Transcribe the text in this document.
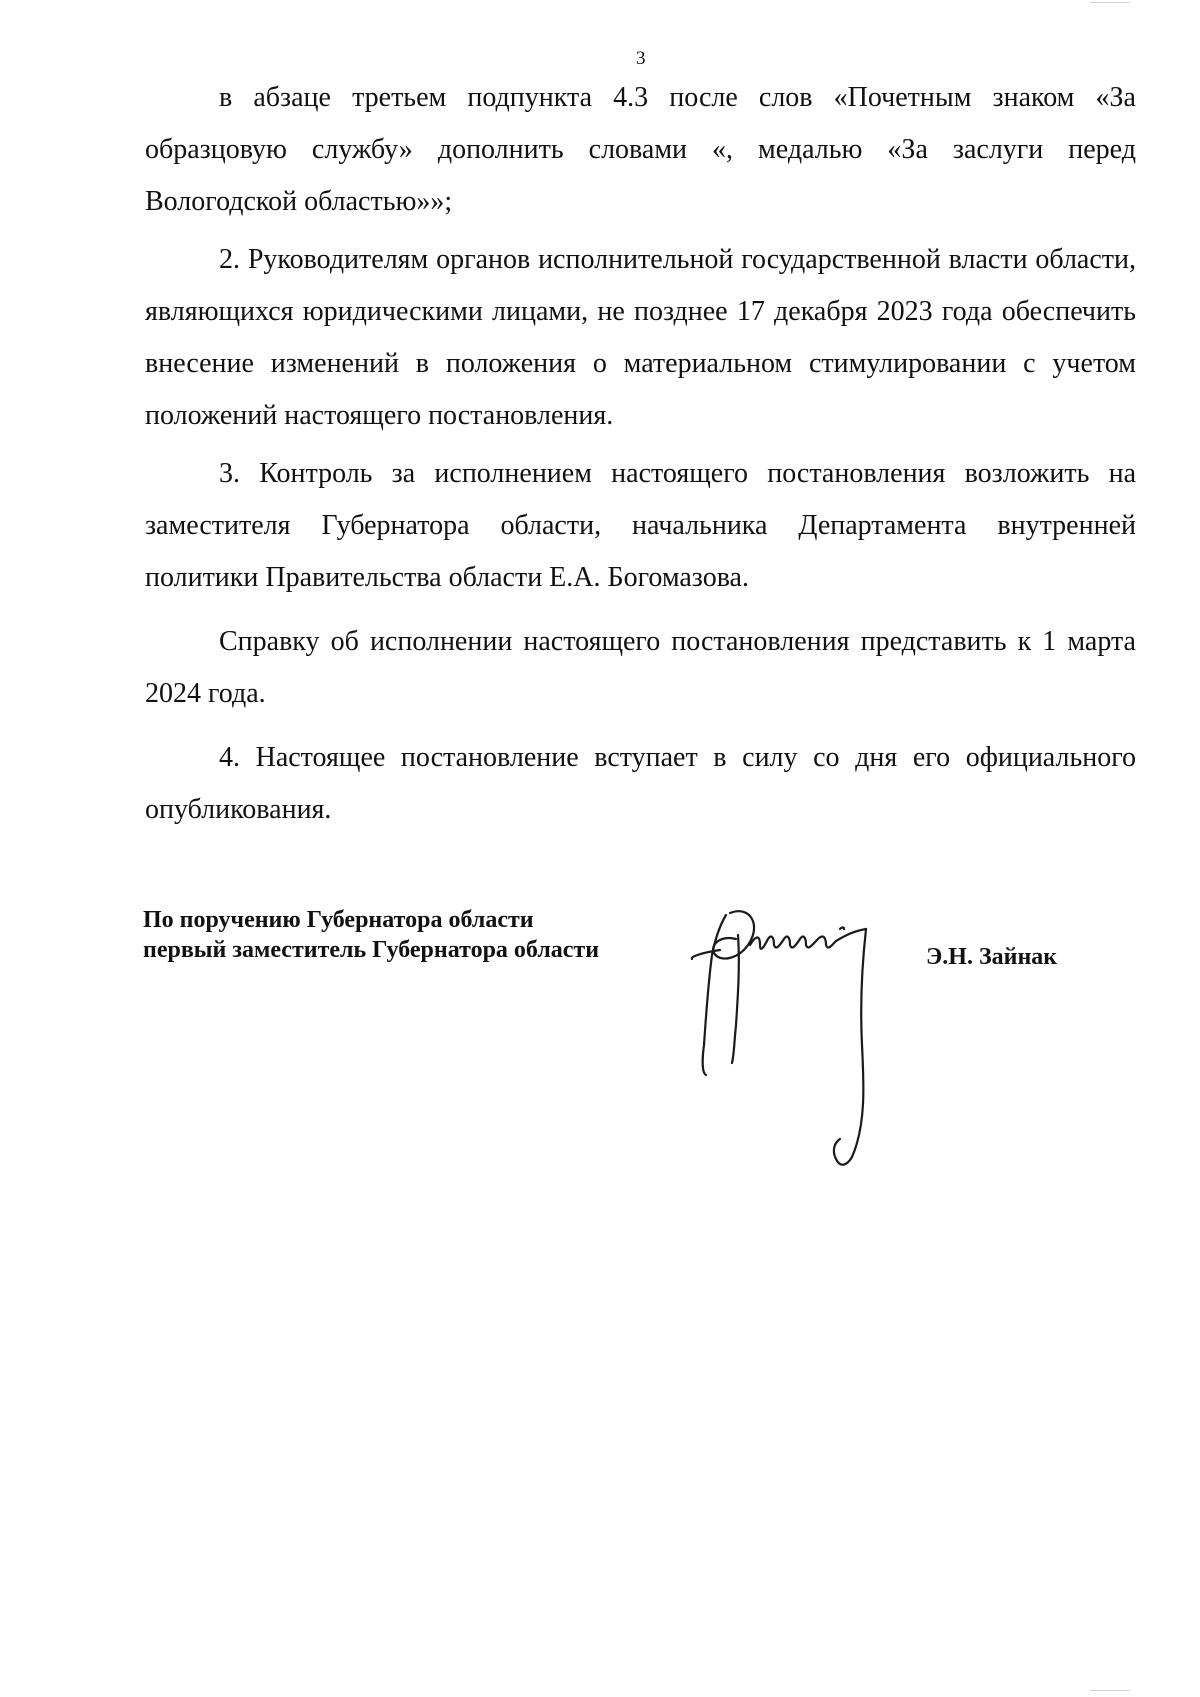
3

в абзаце третьем подпункта 4.3 после слов «Почетным знаком «За образцовую службу» дополнить словами «, медалью «За заслуги перед Вологодской областью»»;

2. Руководителям органов исполнительной государственной власти области, являющихся юридическими лицами, не позднее 17 декабря 2023 года обеспечить внесение изменений в положения о материальном стимулировании с учетом положений настоящего постановления.

3. Контроль за исполнением настоящего постановления возложить на заместителя Губернатора области, начальника Департамента внутренней политики Правительства области Е.А. Богомазова.

Справку об исполнении настоящего постановления представить к 1 марта 2024 года.

4. Настоящее постановление вступает в силу со дня его официального опубликования.

По поручению Губернатора области
первый заместитель Губернатора области	Э.Н. Зайнак
